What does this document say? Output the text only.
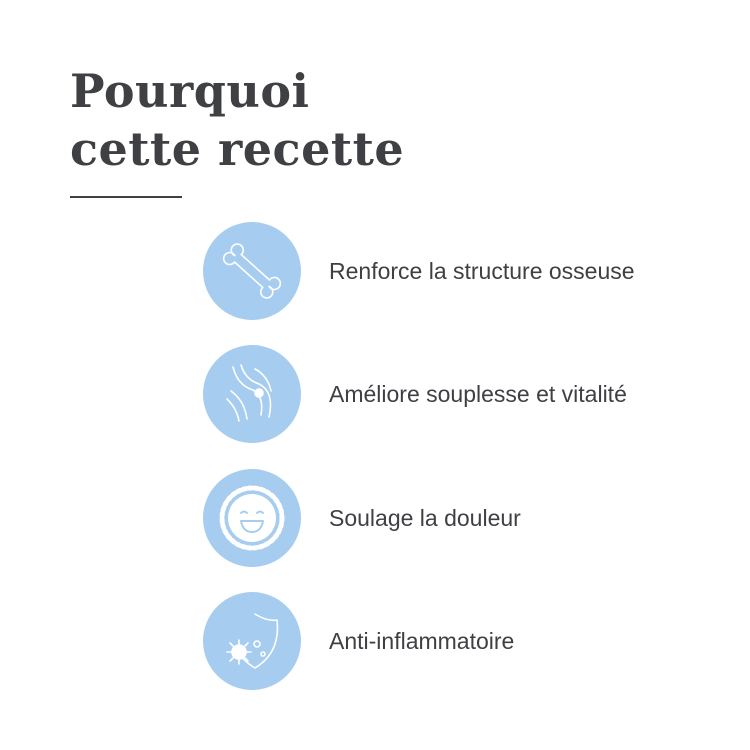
Pourquoi
cette recette
Renforce la structure osseuse
Améliore souplesse et vitalité
Soulage la douleur
Anti-inflammatoire
